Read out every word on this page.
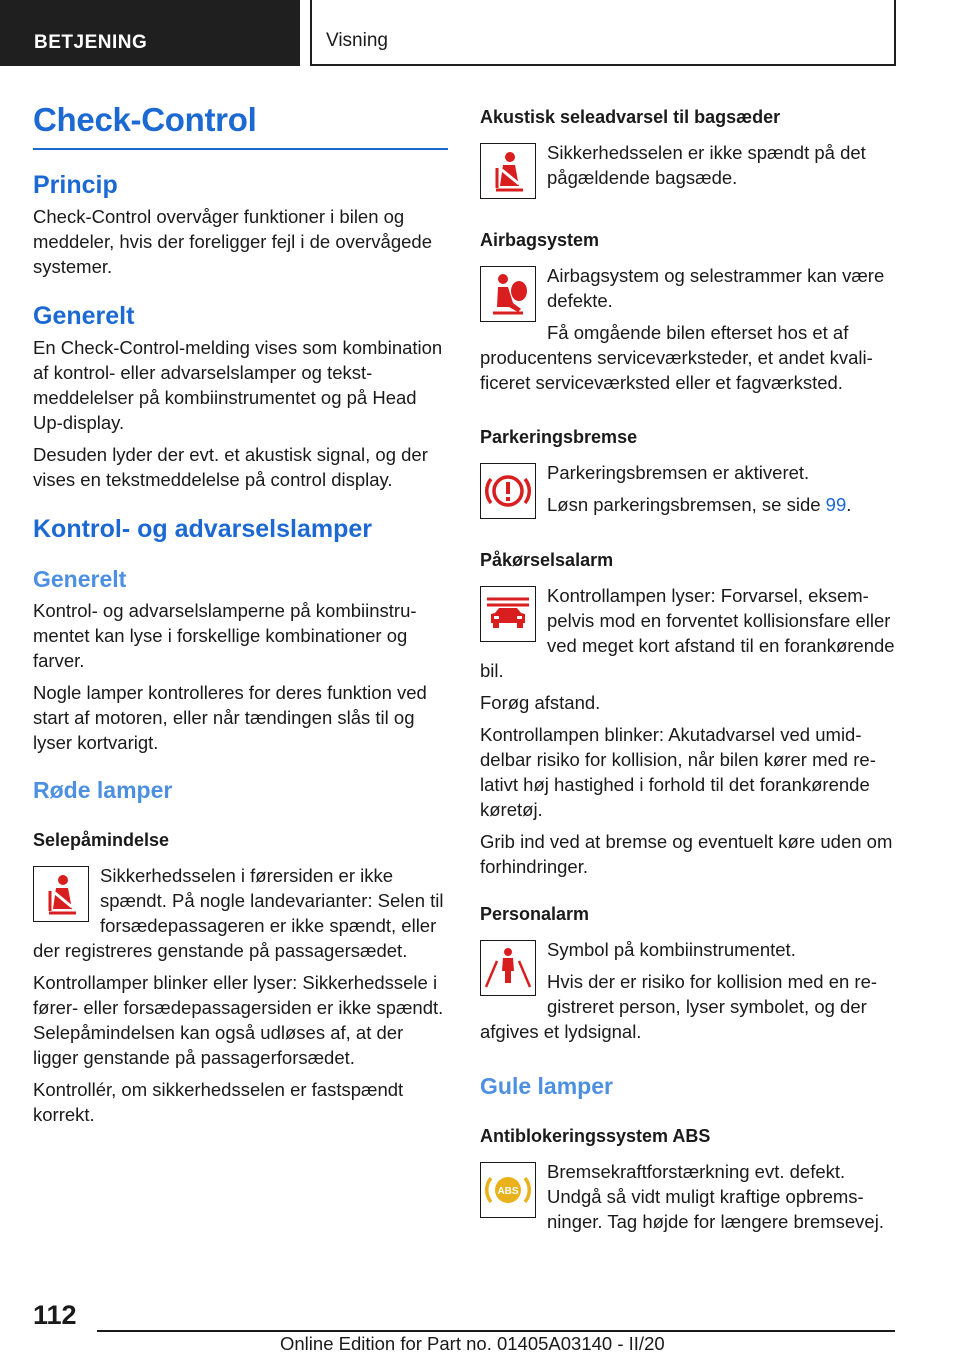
BETJENING	Visning
Check-Control
Princip

Check-Control overvåger funktioner i bilen og meddeler, hvis der foreligger fejl i de overvågede systemer.

Generelt

En Check-Control-melding vises som kombination af kontrol- eller advarselslamper og tekstmeddelelser på kombiinstrumentet og på Head Up-display.

Desuden lyder der evt. et akustisk signal, og der vises en tekstmeddelelse på control display.

Kontrol- og advarselslamper
Generelt

Kontrol- og advarselslamperne på kombiinstrumentet kan lyse i forskellige kombinationer og farver.

Nogle lamper kontrolleres for deres funktion ved start af motoren, eller når tændingen slås til og lyser kortvarigt.

Røde lamper
Selepåmindelse

Sikkerhedsselen i førersiden er ikke spændt. På nogle landevarianter: Selen til forsædepassageren er ikke spændt, eller der registreres genstande på passagersædet.

Kontrollamper blinker eller lyser: Sikkerhedssele i fører- eller forsædepassagersiden er ikke spændt. Selepåmindelsen kan også udløses af, at der ligger genstande på passagerforsædet.

Kontrollér, om sikkerhedsselen er fastspændt korrekt.

Akustisk seleadvarsel til bagsæder

Sikkerhedsselen er ikke spændt på det pågældende bagsæde.

Airbagsystem

Airbagsystem og selestrammer kan være defekte.

Få omgående bilen efterset hos et af producentens serviceværksteder, et andet kvalificeret serviceværksted eller et fagværksted.

Parkeringsbremse

Parkeringsbremsen er aktiveret.

Løsn parkeringsbremsen, se side 99.

Påkørselsalarm

Kontrollampen lyser: Forvarsel, eksempelvis mod en forventet kollisionsfare eller ved meget kort afstand til en forankørende bil.

Forøg afstand.

Kontrollampen blinker: Akutadvarsel ved umiddelbar risiko for kollision, når bilen kører med relativt høj hastighed i forhold til det forankørende køretøj.

Grib ind ved at bremse og eventuelt køre uden om forhindringer.

Personalarm

Symbol på kombiinstrumentet.

Hvis der er risiko for kollision med en registreret person, lyser symbolet, og der afgives et lydsignal.

Gule lamper
Antiblokeringssystem ABS
ABS

Bremsekraftforstærkning evt. defekt. Undgå så vidt muligt kraftige opbremsninger. Tag højde for længere bremsevej.

112
Online Edition for Part no. 01405A03140 - II/20
